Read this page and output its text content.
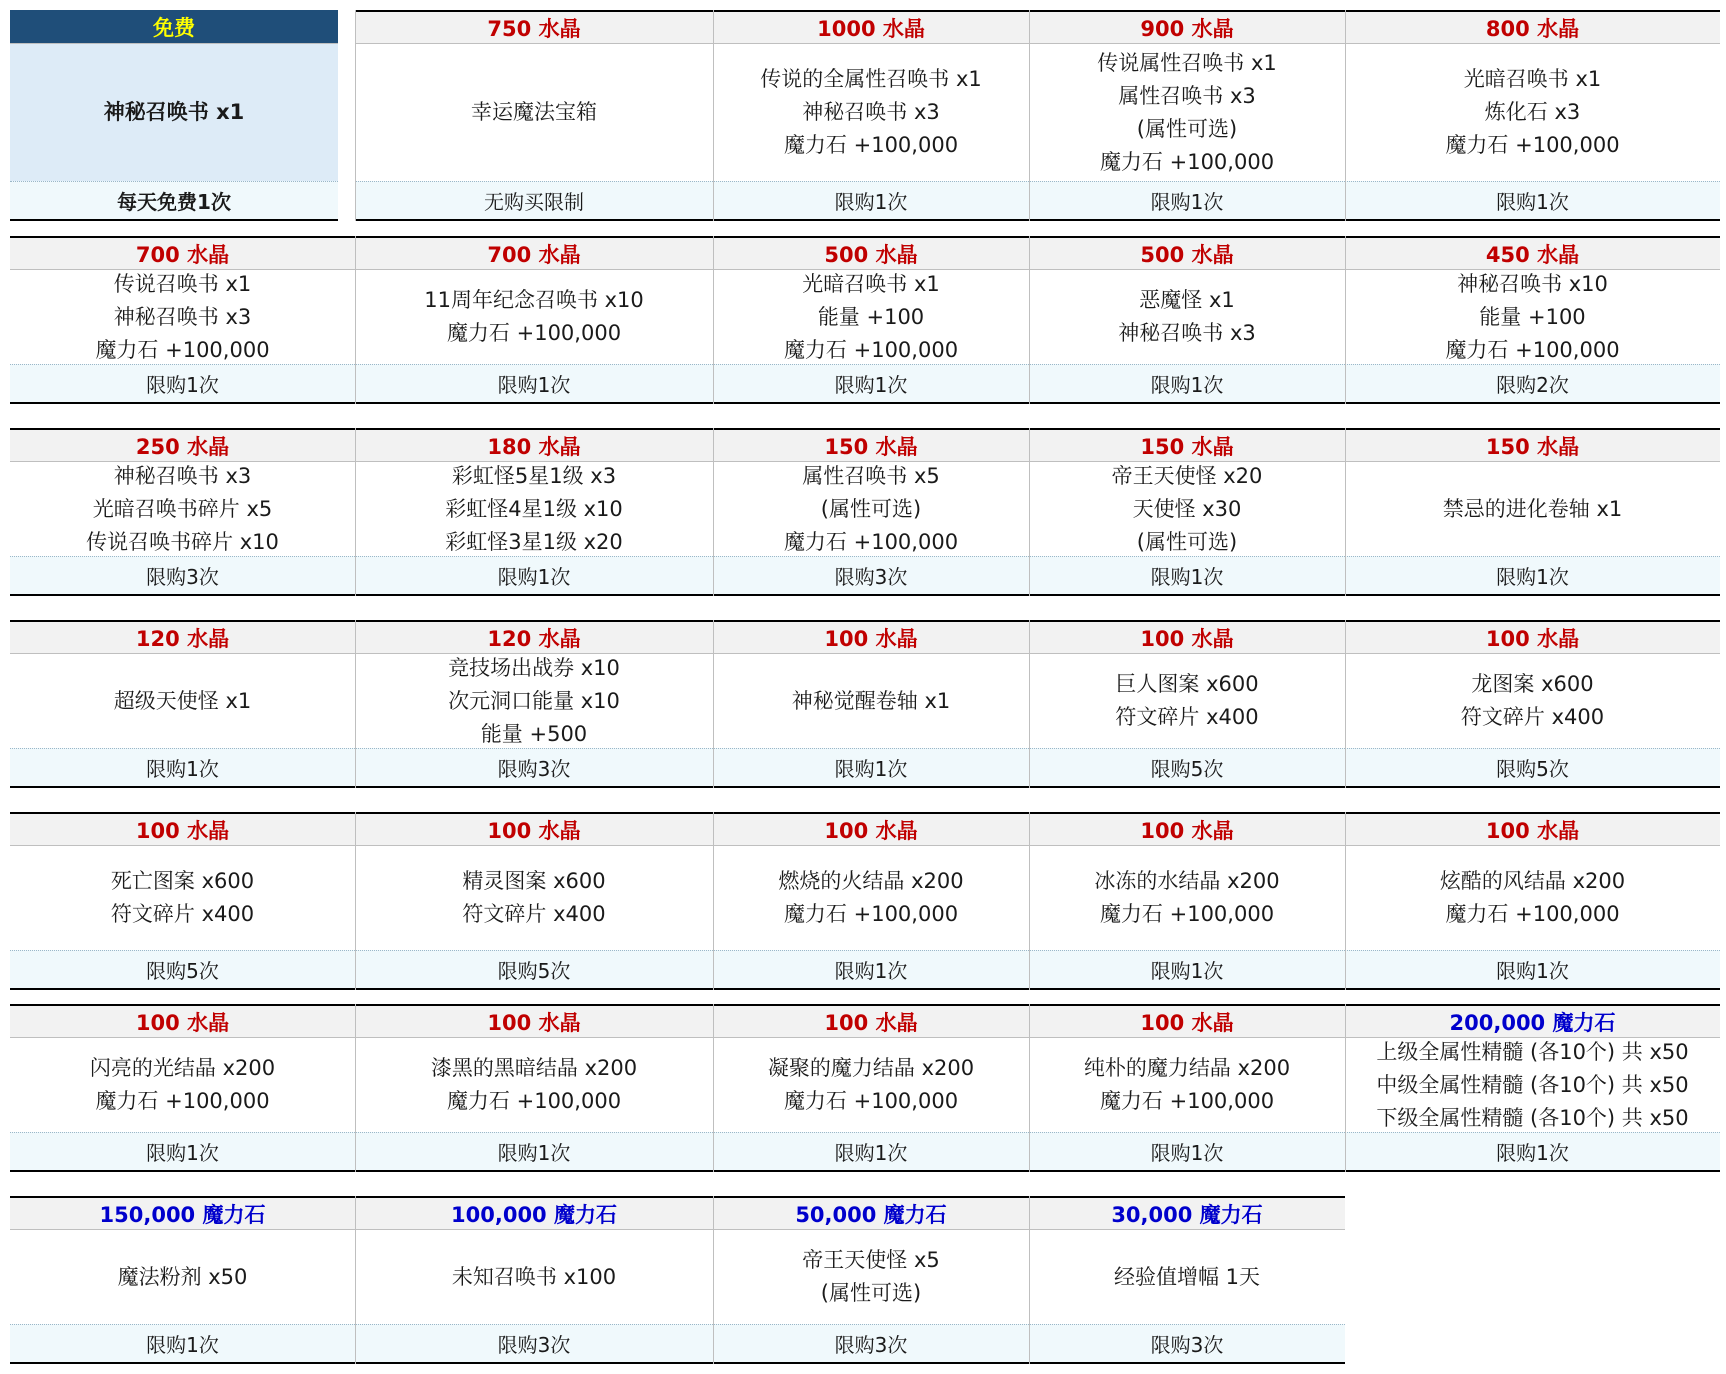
免费
神秘召唤书 x1
每天免费1次
750 水晶
幸运魔法宝箱
无购买限制
1000 水晶
传说的全属性召唤书 x1
神秘召唤书 x3
魔力石 +100,000
限购1次
900 水晶
传说属性召唤书 x1
属性召唤书 x3
(属性可选)
魔力石 +100,000
限购1次
800 水晶
光暗召唤书 x1
炼化石 x3
魔力石 +100,000
限购1次
700 水晶
传说召唤书 x1
神秘召唤书 x3
魔力石 +100,000
限购1次
700 水晶
11周年纪念召唤书 x10
魔力石 +100,000
限购1次
500 水晶
光暗召唤书 x1
能量 +100
魔力石 +100,000
限购1次
500 水晶
恶魔怪 x1
神秘召唤书 x3
限购1次
450 水晶
神秘召唤书 x10
能量 +100
魔力石 +100,000
限购2次
250 水晶
神秘召唤书 x3
光暗召唤书碎片 x5
传说召唤书碎片 x10
限购3次
180 水晶
彩虹怪5星1级 x3
彩虹怪4星1级 x10
彩虹怪3星1级 x20
限购1次
150 水晶
属性召唤书 x5
(属性可选)
魔力石 +100,000
限购3次
150 水晶
帝王天使怪 x20
天使怪 x30
(属性可选)
限购1次
150 水晶
禁忌的进化卷轴 x1
限购1次
120 水晶
超级天使怪 x1
限购1次
120 水晶
竞技场出战券 x10
次元洞口能量 x10
能量 +500
限购3次
100 水晶
神秘觉醒卷轴 x1
限购1次
100 水晶
巨人图案 x600
符文碎片 x400
限购5次
100 水晶
龙图案 x600
符文碎片 x400
限购5次
100 水晶
死亡图案 x600
符文碎片 x400
限购5次
100 水晶
精灵图案 x600
符文碎片 x400
限购5次
100 水晶
燃烧的火结晶 x200
魔力石 +100,000
限购1次
100 水晶
冰冻的水结晶 x200
魔力石 +100,000
限购1次
100 水晶
炫酷的风结晶 x200
魔力石 +100,000
限购1次
100 水晶
闪亮的光结晶 x200
魔力石 +100,000
限购1次
100 水晶
漆黑的黑暗结晶 x200
魔力石 +100,000
限购1次
100 水晶
凝聚的魔力结晶 x200
魔力石 +100,000
限购1次
100 水晶
纯朴的魔力结晶 x200
魔力石 +100,000
限购1次
200,000 魔力石
上级全属性精髓 (各10个) 共 x50
中级全属性精髓 (各10个) 共 x50
下级全属性精髓 (各10个) 共 x50
限购1次
150,000 魔力石
魔法粉剂 x50
限购1次
100,000 魔力石
未知召唤书 x100
限购3次
50,000 魔力石
帝王天使怪 x5
(属性可选)
限购3次
30,000 魔力石
经验值增幅 1天
限购3次
